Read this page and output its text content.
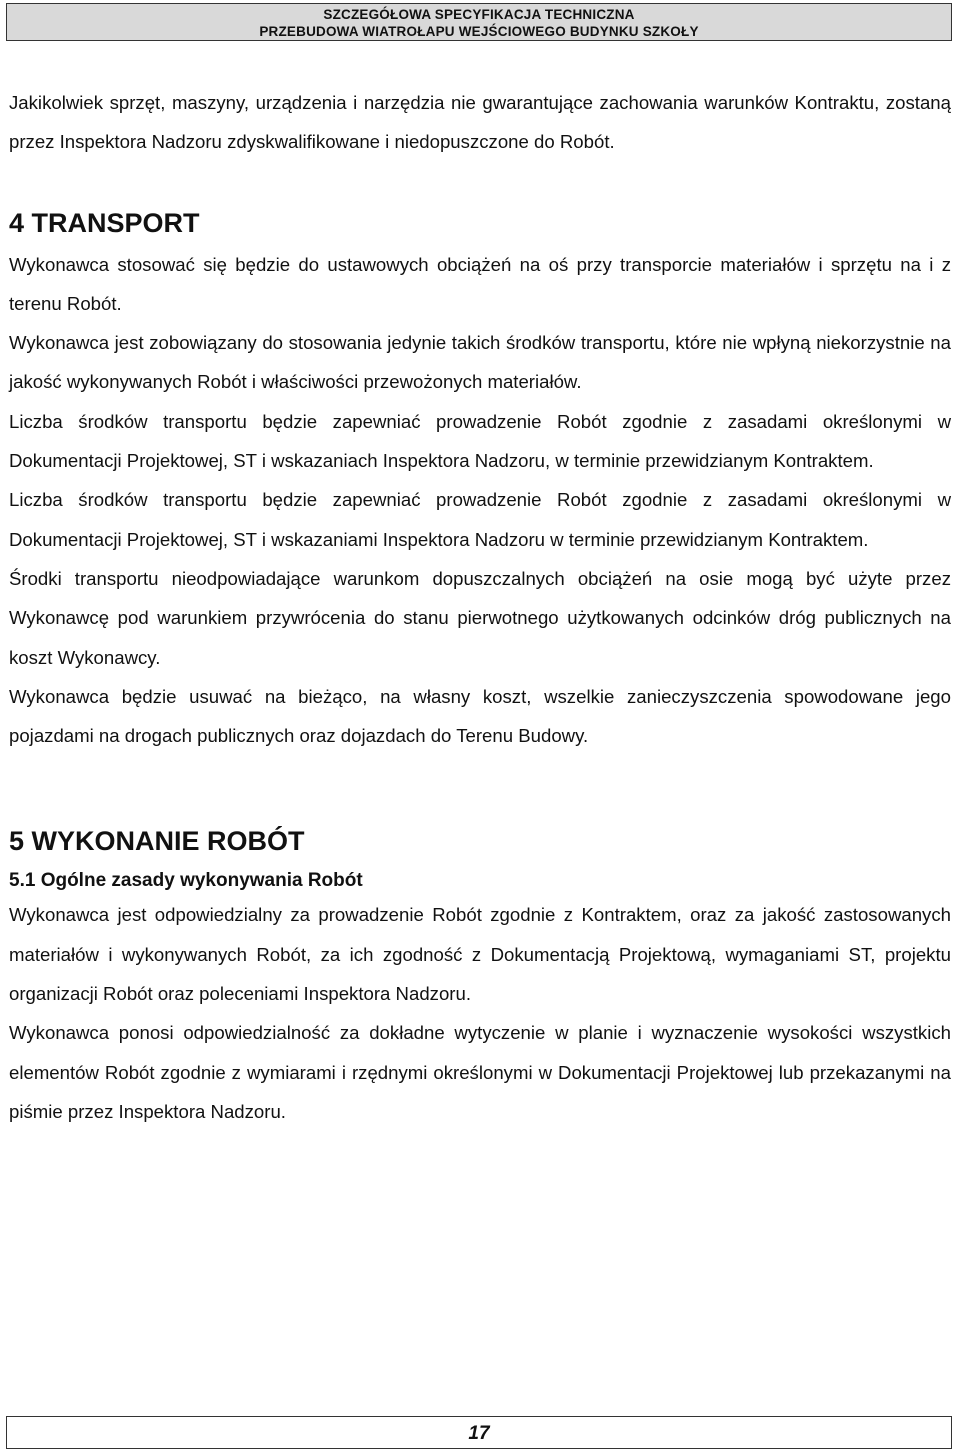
SZCZEGÓŁOWA SPECYFIKACJA TECHNICZNA
PRZEBUDOWA WIATROŁAPU WEJŚCIOWEGO BUDYNKU SZKOŁY

Jakikolwiek sprzęt, maszyny, urządzenia i narzędzia nie gwarantujące zachowania warunków Kontraktu, zostaną przez Inspektora Nadzoru zdyskwalifikowane i niedopuszczone do Robót.

4 TRANSPORT

Wykonawca stosować się będzie do ustawowych obciążeń na oś przy transporcie materiałów i sprzętu na i z terenu Robót.

Wykonawca jest zobowiązany do stosowania jedynie takich środków transportu, które nie wpłyną niekorzystnie na jakość wykonywanych Robót i właściwości przewożonych materiałów.

Liczba środków transportu będzie zapewniać prowadzenie Robót zgodnie z zasadami określonymi w Dokumentacji Projektowej, ST i wskazaniach Inspektora Nadzoru, w terminie przewidzianym Kontraktem.

Liczba środków transportu będzie zapewniać prowadzenie Robót zgodnie z zasadami określonymi w Dokumentacji Projektowej, ST i wskazaniami Inspektora Nadzoru w terminie przewidzianym Kontraktem.

Środki transportu nieodpowiadające warunkom dopuszczalnych obciążeń na osie mogą być użyte przez Wykonawcę pod warunkiem przywrócenia do stanu pierwotnego użytkowanych odcinków dróg publicznych na koszt Wykonawcy.

Wykonawca będzie usuwać na bieżąco, na własny koszt, wszelkie zanieczyszczenia spowodowane jego pojazdami na drogach publicznych oraz dojazdach do Terenu Budowy.

5 WYKONANIE ROBÓT
5.1 Ogólne zasady wykonywania Robót

Wykonawca jest odpowiedzialny za prowadzenie Robót zgodnie z Kontraktem, oraz za jakość zastosowanych materiałów i wykonywanych Robót, za ich zgodność z Dokumentacją Projektową, wymaganiami ST, projektu organizacji Robót oraz poleceniami Inspektora Nadzoru.

Wykonawca ponosi odpowiedzialność za dokładne wytyczenie w planie i wyznaczenie wysokości wszystkich elementów Robót zgodnie z wymiarami i rzędnymi określonymi w Dokumentacji Projektowej lub przekazanymi na piśmie przez Inspektora Nadzoru.

17
